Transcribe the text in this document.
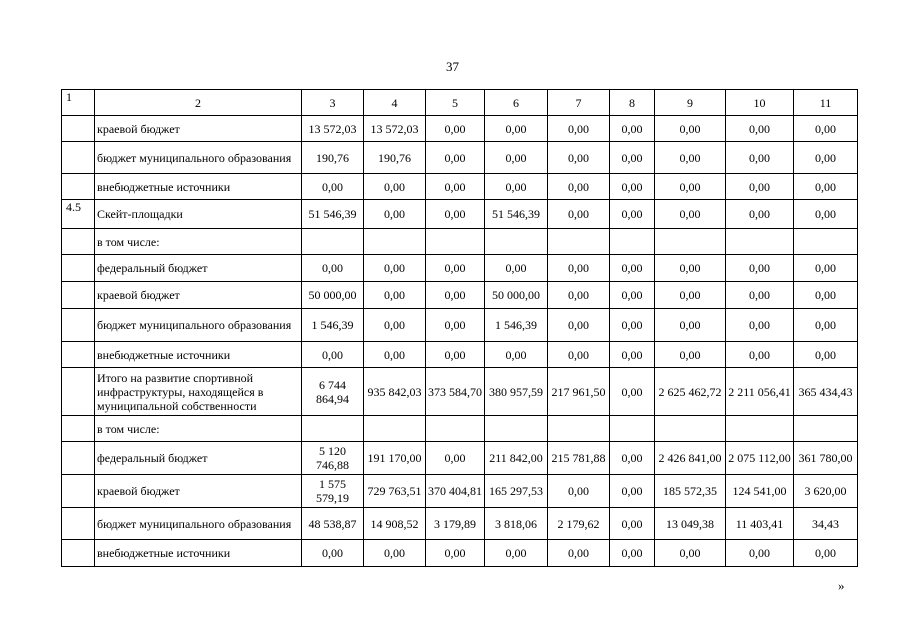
37
1	2	3	4	5	6	7	8	9	10	11
	краевой бюджет	13 572,03	13 572,03	0,00	0,00	0,00	0,00	0,00	0,00	0,00
	бюджет муниципального образования	190,76	190,76	0,00	0,00	0,00	0,00	0,00	0,00	0,00
	внебюджетные источники	0,00	0,00	0,00	0,00	0,00	0,00	0,00	0,00	0,00
4.5	Скейт-площадки	51 546,39	0,00	0,00	51 546,39	0,00	0,00	0,00	0,00	0,00
	в том числе:									
	федеральный бюджет	0,00	0,00	0,00	0,00	0,00	0,00	0,00	0,00	0,00
	краевой бюджет	50 000,00	0,00	0,00	50 000,00	0,00	0,00	0,00	0,00	0,00
	бюджет муниципального образования	1 546,39	0,00	0,00	1 546,39	0,00	0,00	0,00	0,00	0,00
	внебюджетные источники	0,00	0,00	0,00	0,00	0,00	0,00	0,00	0,00	0,00
	Итого на развитие спортивной инфраструктуры, находящейся в муниципальной собственности	6 744 864,94	935 842,03	373 584,70	380 957,59	217 961,50	0,00	2 625 462,72	2 211 056,41	365 434,43
	в том числе:									
	федеральный бюджет	5 120 746,88	191 170,00	0,00	211 842,00	215 781,88	0,00	2 426 841,00	2 075 112,00	361 780,00
	краевой бюджет	1 575 579,19	729 763,51	370 404,81	165 297,53	0,00	0,00	185 572,35	124 541,00	3 620,00
	бюджет муниципального образования	48 538,87	14 908,52	3 179,89	3 818,06	2 179,62	0,00	13 049,38	11 403,41	34,43
	внебюджетные источники	0,00	0,00	0,00	0,00	0,00	0,00	0,00	0,00	0,00
»
